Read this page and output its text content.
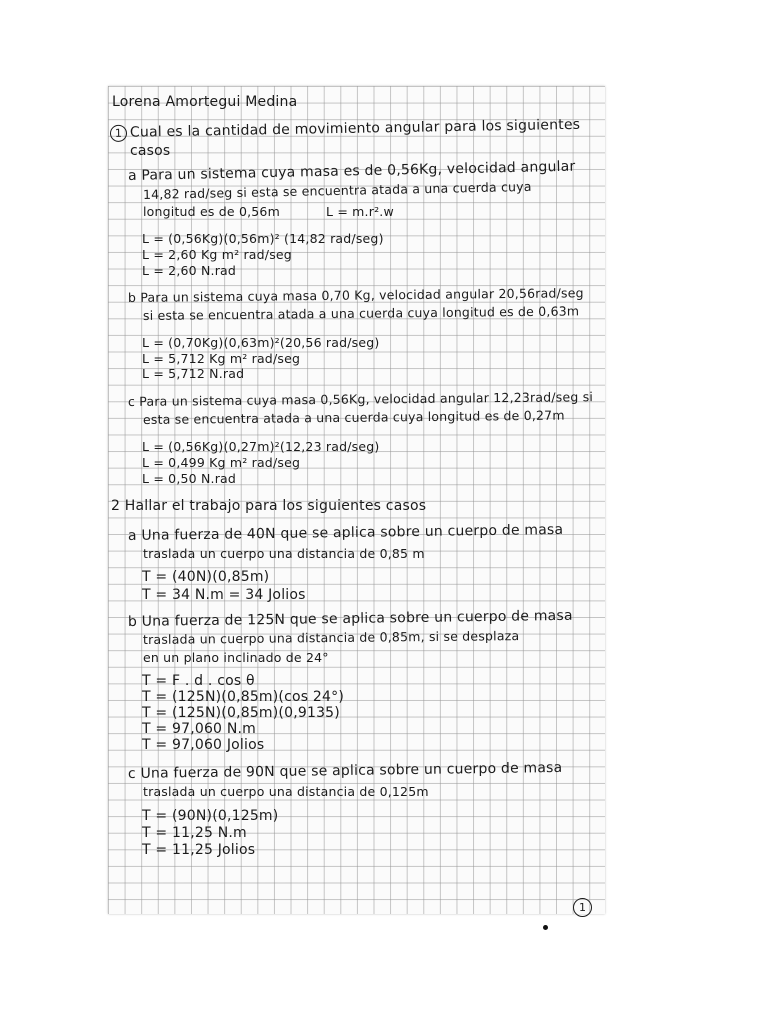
Lorena Amortegui Medina
1 Cual es la cantidad de movimiento angular para los siguientes
casos
a Para un sistema cuya masa es de 0,56Kg, velocidad angular
14,82 rad/seg si esta se encuentra atada a una cuerda cuya
longitud es de 0,56m	L = m.r².w
L = (0,56Kg)(0,56m)² (14,82 rad/seg)
L = 2,60 Kg m² rad/seg
L = 2,60 N.rad
b Para un sistema cuya masa 0,70 Kg, velocidad angular 20,56rad/seg
si esta se encuentra atada a una cuerda cuya longitud es de 0,63m
L = (0,70Kg)(0,63m)²(20,56 rad/seg)
L = 5,712 Kg m² rad/seg
L = 5,712 N.rad
c Para un sistema cuya masa 0,56Kg, velocidad angular 12,23rad/seg si
esta se encuentra atada a una cuerda cuya longitud es de 0,27m
L = (0,56Kg)(0,27m)²(12,23 rad/seg)
L = 0,499 Kg m² rad/seg
L = 0,50 N.rad
2 Hallar el trabajo para los siguientes casos
a Una fuerza de 40N que se aplica sobre un cuerpo de masa
traslada un cuerpo una distancia de 0,85 m
T = (40N)(0,85m)
T = 34 N.m = 34 Jolios
b Una fuerza de 125N que se aplica sobre un cuerpo de masa
traslada un cuerpo una distancia de 0,85m, si se desplaza
en un plano inclinado de 24°
T = F . d . cos θ
T = (125N)(0,85m)(cos 24°)
T = (125N)(0,85m)(0,9135)
T = 97,060 N.m
T = 97,060 Jolios
c Una fuerza de 90N que se aplica sobre un cuerpo de masa
traslada un cuerpo una distancia de 0,125m
T = (90N)(0,125m)
T = 11,25 N.m
T = 11,25 Jolios
1
